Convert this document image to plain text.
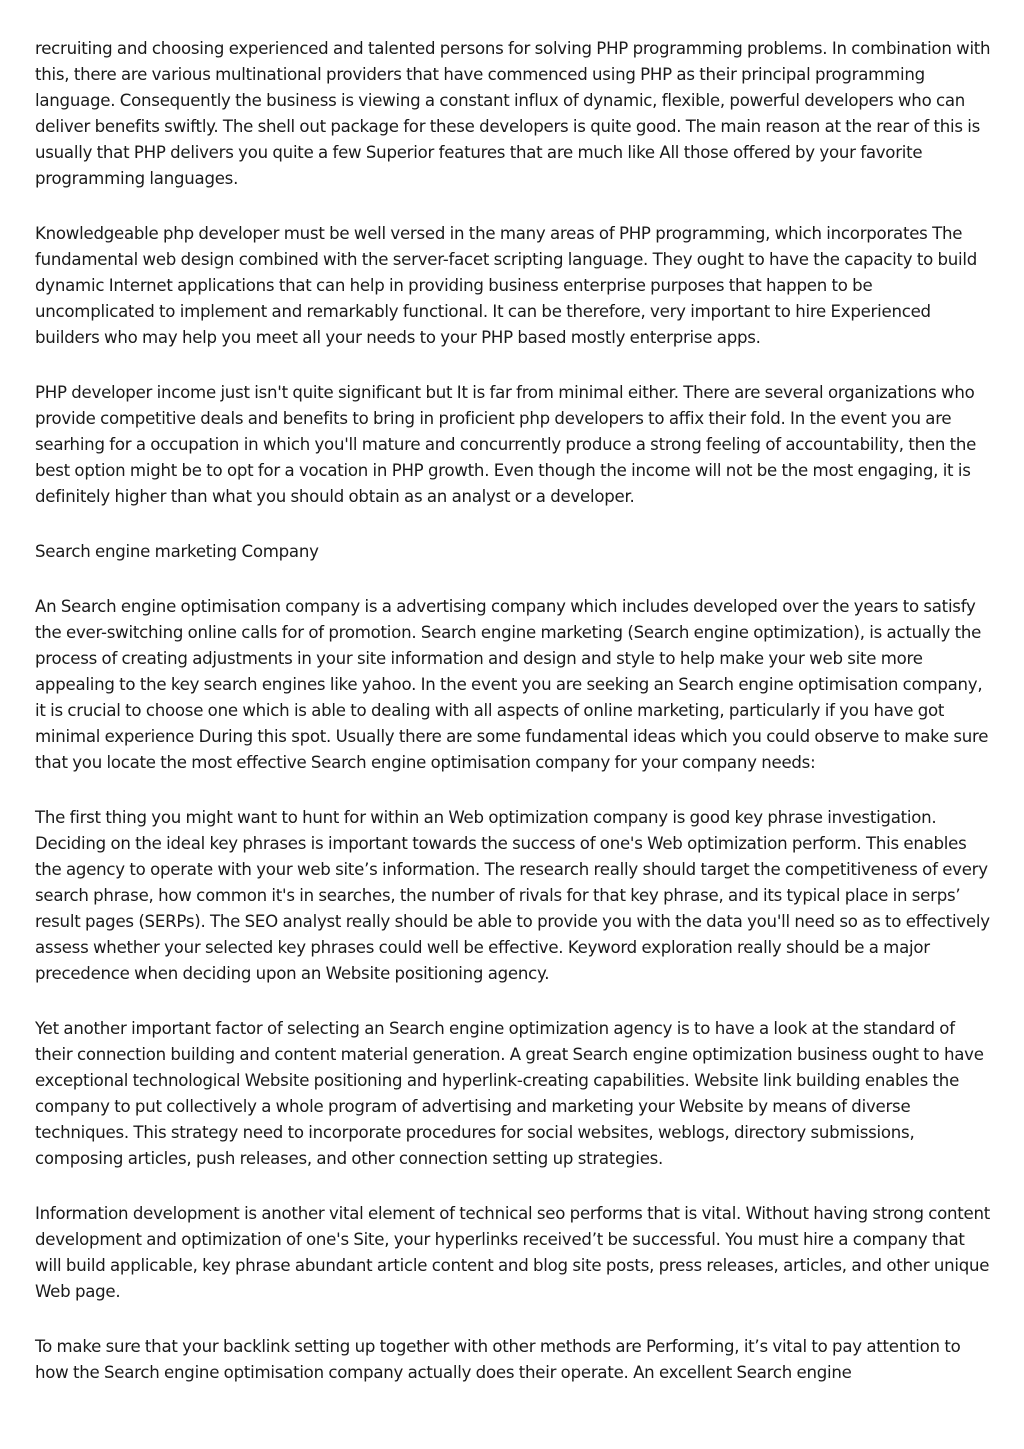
recruiting and choosing experienced and talented persons for solving PHP programming problems. In combination with this, there are various multinational providers that have commenced using PHP as their principal programming language. Consequently the business is viewing a constant influx of dynamic, flexible, powerful developers who can deliver benefits swiftly. The shell out package for these developers is quite good. The main reason at the rear of this is usually that PHP delivers you quite a few Superior features that are much like All those offered by your favorite programming languages.

Knowledgeable php developer must be well versed in the many areas of PHP programming, which incorporates The fundamental web design combined with the server-facet scripting language. They ought to have the capacity to build dynamic Internet applications that can help in providing business enterprise purposes that happen to be uncomplicated to implement and remarkably functional. It can be therefore, very important to hire Experienced builders who may help you meet all your needs to your PHP based mostly enterprise apps.

PHP developer income just isn't quite significant but It is far from minimal either. There are several organizations who provide competitive deals and benefits to bring in proficient php developers to affix their fold. In the event you are searhing for a occupation in which you'll mature and concurrently produce a strong feeling of accountability, then the best option might be to opt for a vocation in PHP growth. Even though the income will not be the most engaging, it is definitely higher than what you should obtain as an analyst or a developer.

Search engine marketing Company

An Search engine optimisation company is a advertising company which includes developed over the years to satisfy the ever-switching online calls for of promotion. Search engine marketing (Search engine optimization), is actually the process of creating adjustments in your site information and design and style to help make your web site more appealing to the key search engines like yahoo. In the event you are seeking an Search engine optimisation company, it is crucial to choose one which is able to dealing with all aspects of online marketing, particularly if you have got minimal experience During this spot. Usually there are some fundamental ideas which you could observe to make sure that you locate the most effective Search engine optimisation company for your company needs:

The first thing you might want to hunt for within an Web optimization company is good key phrase investigation. Deciding on the ideal key phrases is important towards the success of one's Web optimization perform. This enables the agency to operate with your web site’s information. The research really should target the competitiveness of every search phrase, how common it's in searches, the number of rivals for that key phrase, and its typical place in serps’ result pages (SERPs). The SEO analyst really should be able to provide you with the data you'll need so as to effectively assess whether your selected key phrases could well be effective. Keyword exploration really should be a major precedence when deciding upon an Website positioning agency.

Yet another important factor of selecting an Search engine optimization agency is to have a look at the standard of their connection building and content material generation. A great Search engine optimization business ought to have exceptional technological Website positioning and hyperlink-creating capabilities. Website link building enables the company to put collectively a whole program of advertising and marketing your Website by means of diverse techniques. This strategy need to incorporate procedures for social websites, weblogs, directory submissions, composing articles, push releases, and other connection setting up strategies.

Information development is another vital element of technical seo performs that is vital. Without having strong content development and optimization of one's Site, your hyperlinks received’t be successful. You must hire a company that will build applicable, key phrase abundant article content and blog site posts, press releases, articles, and other unique Web page.

To make sure that your backlink setting up together with other methods are Performing, it’s vital to pay attention to how the Search engine optimisation company actually does their operate. An excellent Search engine
